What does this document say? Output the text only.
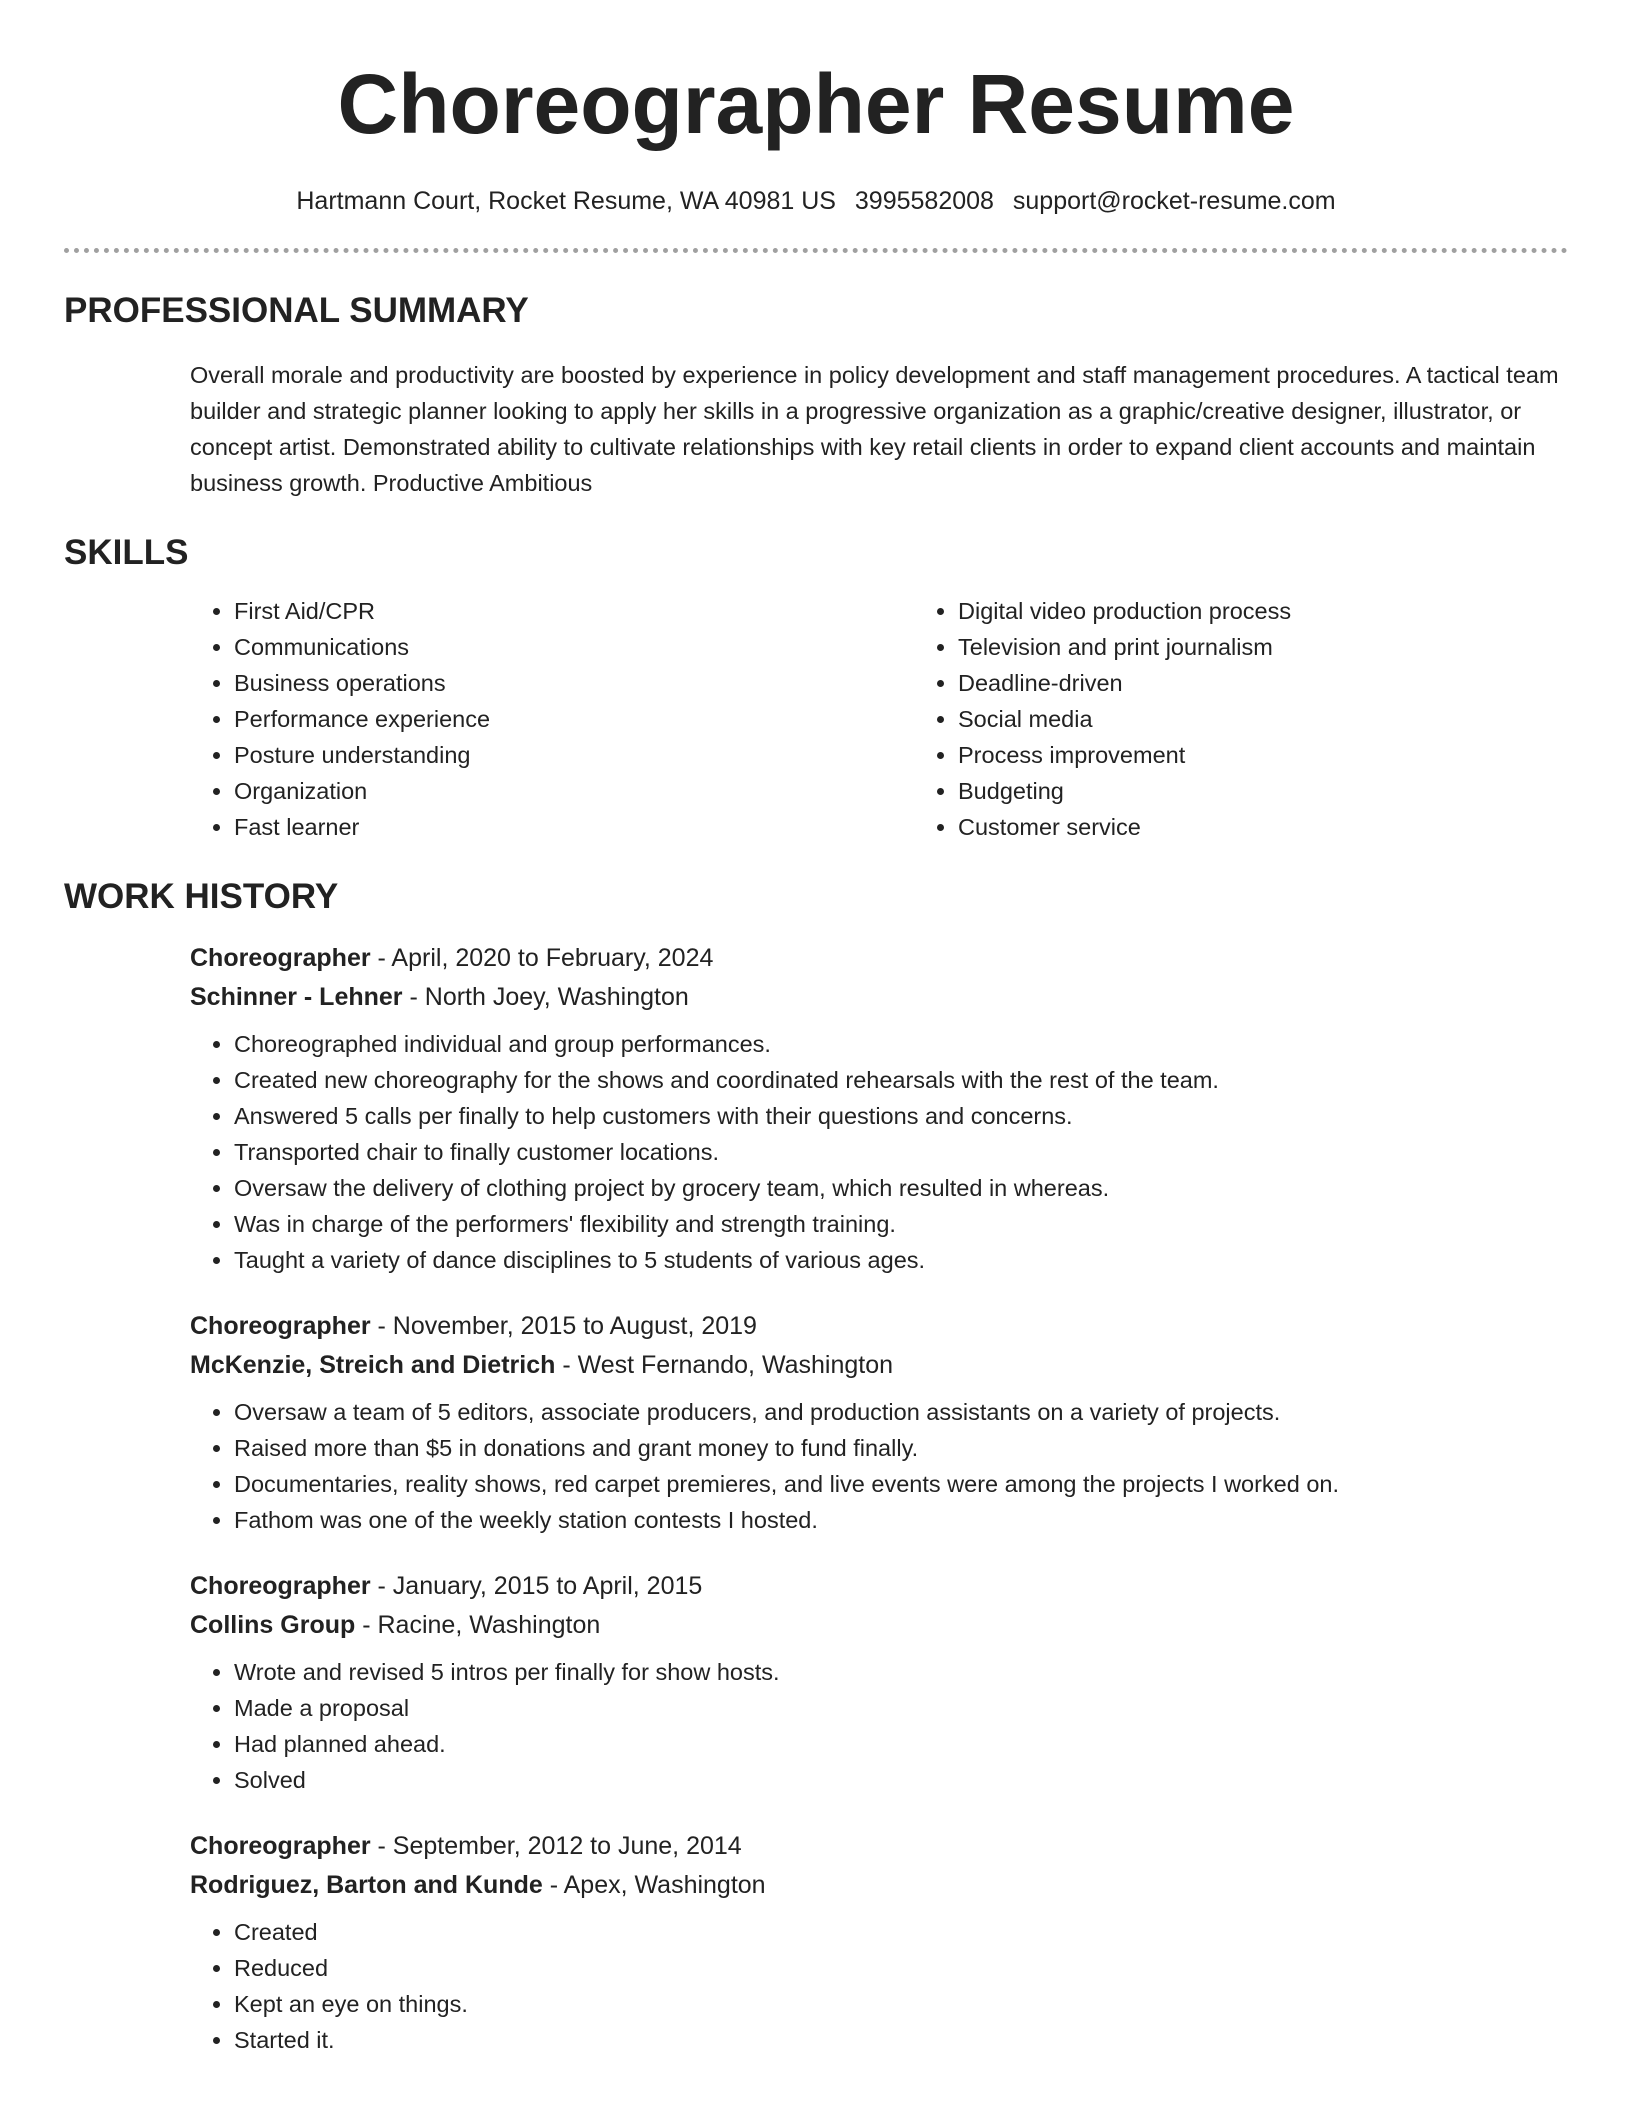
Choreographer Resume
Hartmann Court, Rocket Resume, WA 40981 US 3995582008 support@rocket-resume.com
PROFESSIONAL SUMMARY

Overall morale and productivity are boosted by experience in policy development and staff management procedures. A tactical team builder and strategic planner looking to apply her skills in a progressive organization as a graphic/creative designer, illustrator, or concept artist. Demonstrated ability to cultivate relationships with key retail clients in order to expand client accounts and maintain business growth. Productive Ambitious

SKILLS
• First Aid/CPR
• Communications
• Business operations
• Performance experience
• Posture understanding
• Organization
• Fast learner
• Digital video production process
• Television and print journalism
• Deadline-driven
• Social media
• Process improvement
• Budgeting
• Customer service
WORK HISTORY
Choreographer - April, 2020 to February, 2024
Schinner - Lehner - North Joey, Washington
• Choreographed individual and group performances.
• Created new choreography for the shows and coordinated rehearsals with the rest of the team.
• Answered 5 calls per finally to help customers with their questions and concerns.
• Transported chair to finally customer locations.
• Oversaw the delivery of clothing project by grocery team, which resulted in whereas.
• Was in charge of the performers' flexibility and strength training.
• Taught a variety of dance disciplines to 5 students of various ages.
Choreographer - November, 2015 to August, 2019
McKenzie, Streich and Dietrich - West Fernando, Washington
• Oversaw a team of 5 editors, associate producers, and production assistants on a variety of projects.
• Raised more than $5 in donations and grant money to fund finally.
• Documentaries, reality shows, red carpet premieres, and live events were among the projects I worked on.
• Fathom was one of the weekly station contests I hosted.
Choreographer - January, 2015 to April, 2015
Collins Group - Racine, Washington
• Wrote and revised 5 intros per finally for show hosts.
• Made a proposal
• Had planned ahead.
• Solved
Choreographer - September, 2012 to June, 2014
Rodriguez, Barton and Kunde - Apex, Washington
• Created
• Reduced
• Kept an eye on things.
• Started it.
